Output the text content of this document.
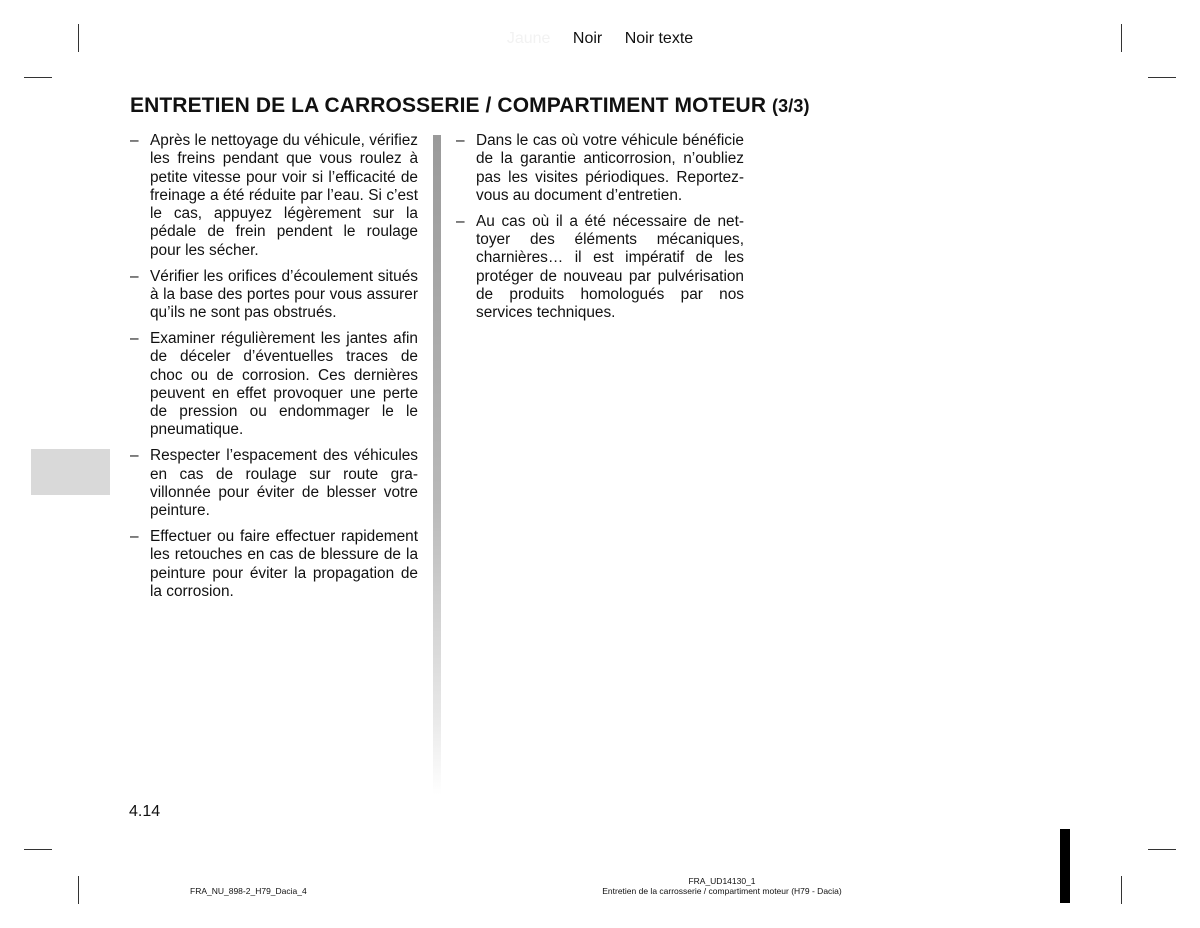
Jaune Noir Noir texte
ENTRETIEN DE LA CARROSSERIE / COMPARTIMENT MOTEUR (3/3)
– Après le nettoyage du véhicule, vérifiez les freins pendant que vous roulez à petite vitesse pour voir si l’efficacité de freinage a été réduite par l’eau. Si c’est le cas, appuyez légèrement sur la pédale de frein pendent le roulage pour les sécher.
– Vérifier les orifices d’écoulement situés à la base des portes pour vous assurer qu’ils ne sont pas obstrués.
– Examiner régulièrement les jantes afin de déceler d’éventuelles traces de choc ou de corrosion. Ces dernières peuvent en effet provoquer une perte de pression ou endommager le le pneumatique.
– Respecter l’espacement des véhicules en cas de roulage sur route gravillonnée pour éviter de blesser votre peinture.
– Effectuer ou faire effectuer rapidement les retouches en cas de blessure de la peinture pour éviter la propagation de la corrosion.
– Dans le cas où votre véhicule bénéficie de la garantie anticorrosion, n’oubliez pas les visites périodiques. Reportez-vous au document d’entretien.
– Au cas où il a été nécessaire de nettoyer des éléments mécaniques, charnières… il est impératif de les protéger de nouveau par pulvérisation de produits homologués par nos services techniques.
4.14
FRA_NU_898-2_H79_Dacia_4
FRA_UD14130_1
Entretien de la carrosserie / compartiment moteur (H79 - Dacia)
